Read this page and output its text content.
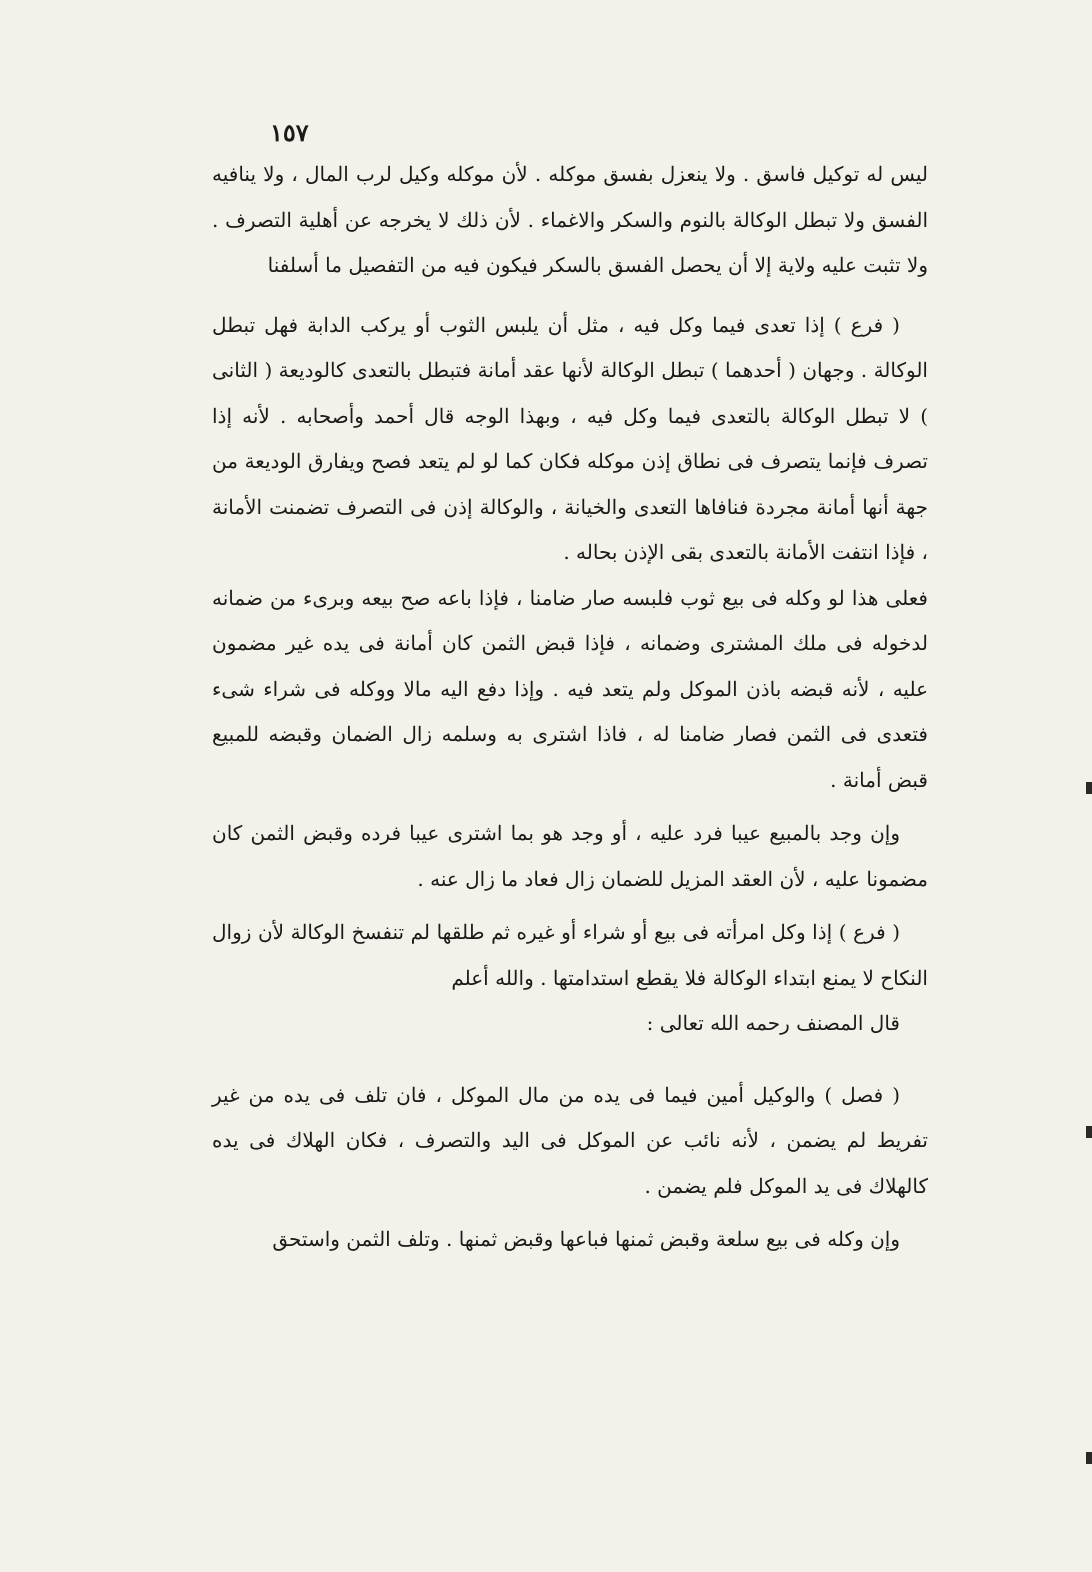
١٥٧

ليس له توكيل فاسق . ولا ينعزل بفسق موكله . لأن موكله وكيل لرب المال ، ولا ينافيه الفسق ولا تبطل الوكالة بالنوم والسكر والاغماء . لأن ذلك لا يخرجه عن أهلية التصرف . ولا تثبت عليه ولاية إلا أن يحصل الفسق بالسكر فيكون فيه من التفصيل ما أسلفنا

( فرع ) إذا تعدى فيما وكل فيه ، مثل أن يلبس الثوب أو يركب الدابة فهل تبطل الوكالة . وجهان ( أحدهما ) تبطل الوكالة لأنها عقد أمانة فتبطل بالتعدى كالوديعة ( الثانى ) لا تبطل الوكالة بالتعدى فيما وكل فيه ، وبهذا الوجه قال أحمد وأصحابه . لأنه إذا تصرف فإنما يتصرف فى نطاق إذن موكله فكان كما لو لم يتعد فصح ويفارق الوديعة من جهة أنها أمانة مجردة فنافاها التعدى والخيانة ، والوكالة إذن فى التصرف تضمنت الأمانة ، فإذا انتفت الأمانة بالتعدى بقى الإذن بحاله .

فعلى هذا لو وكله فى بيع ثوب فلبسه صار ضامنا ، فإذا باعه صح بيعه وبرىء من ضمانه لدخوله فى ملك المشترى وضمانه ، فإذا قبض الثمن كان أمانة فى يده غير مضمون عليه ، لأنه قبضه باذن الموكل ولم يتعد فيه . وإذا دفع اليه مالا ووكله فى شراء شىء فتعدى فى الثمن فصار ضامنا له ، فاذا اشترى به وسلمه زال الضمان وقبضه للمبيع قبض أمانة .

وإن وجد بالمبيع عيبا فرد عليه ، أو وجد هو بما اشترى عيبا فرده وقبض الثمن كان مضمونا عليه ، لأن العقد المزيل للضمان زال فعاد ما زال عنه .

( فرع ) إذا وكل امرأته فى بيع أو شراء أو غيره ثم طلقها لم تنفسخ الوكالة لأن زوال النكاح لا يمنع ابتداء الوكالة فلا يقطع استدامتها . والله أعلم

قال المصنف رحمه الله تعالى :

( فصل ) والوكيل أمين فيما فى يده من مال الموكل ، فان تلف فى يده من غير تفريط لم يضمن ، لأنه نائب عن الموكل فى اليد والتصرف ، فكان الهلاك فى يده كالهلاك فى يد الموكل فلم يضمن .

وإن وكله فى بيع سلعة وقبض ثمنها فباعها وقبض ثمنها . وتلف الثمن واستحق
